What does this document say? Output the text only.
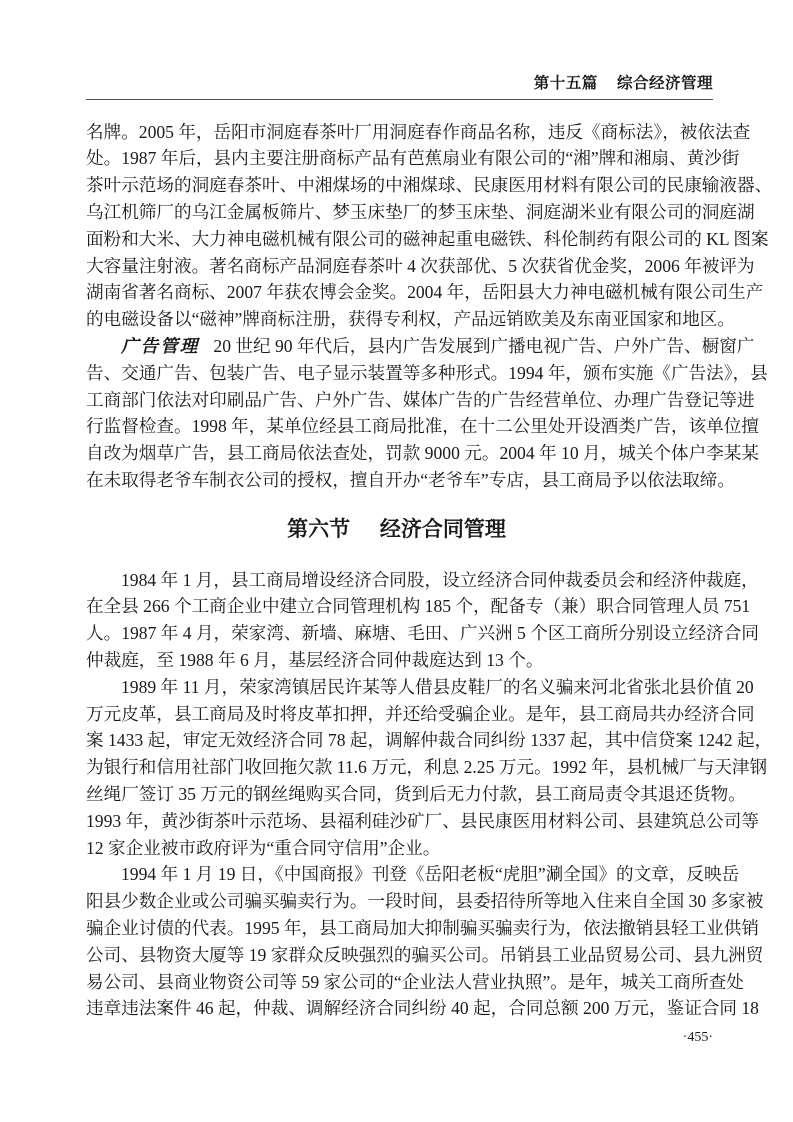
第十五篇 综合经济管理
名牌。2005 年，岳阳市洞庭春茶叶厂用洞庭春作商品名称，违反《商标法》，被依法查
处。1987 年后，县内主要注册商标产品有芭蕉扇业有限公司的“湘”牌和湘扇、黄沙街
茶叶示范场的洞庭春茶叶、中湘煤场的中湘煤球、民康医用材料有限公司的民康输液器、
乌江机筛厂的乌江金属板筛片、梦玉床垫厂的梦玉床垫、洞庭湖米业有限公司的洞庭湖
面粉和大米、大力神电磁机械有限公司的磁神起重电磁铁、科伦制药有限公司的 KL 图案
大容量注射液。著名商标产品洞庭春茶叶 4 次获部优、5 次获省优金奖，2006 年被评为
湖南省著名商标、2007 年获农博会金奖。2004 年，岳阳县大力神电磁机械有限公司生产
的电磁设备以“磁神”牌商标注册，获得专利权，产品远销欧美及东南亚国家和地区。
广告管理 20 世纪 90 年代后，县内广告发展到广播电视广告、户外广告、橱窗广
告、交通广告、包装广告、电子显示装置等多种形式。1994 年，颁布实施《广告法》，县
工商部门依法对印刷品广告、户外广告、媒体广告的广告经营单位、办理广告登记等进
行监督检查。1998 年，某单位经县工商局批准，在十二公里处开设酒类广告，该单位擅
自改为烟草广告，县工商局依法查处，罚款 9000 元。2004 年 10 月，城关个体户李某某
在未取得老爷车制衣公司的授权，擅自开办“老爷车”专店，县工商局予以依法取缔。
第六节 经济合同管理
1984 年 1 月，县工商局增设经济合同股，设立经济合同仲裁委员会和经济仲裁庭，
在全县 266 个工商企业中建立合同管理机构 185 个，配备专（兼）职合同管理人员 751
人。1987 年 4 月，荣家湾、新墙、麻塘、毛田、广兴洲 5 个区工商所分别设立经济合同
仲裁庭，至 1988 年 6 月，基层经济合同仲裁庭达到 13 个。
1989 年 11 月，荣家湾镇居民许某等人借县皮鞋厂的名义骗来河北省张北县价值 20
万元皮革，县工商局及时将皮革扣押，并还给受骗企业。是年，县工商局共办经济合同
案 1433 起，审定无效经济合同 78 起，调解仲裁合同纠纷 1337 起，其中信贷案 1242 起，
为银行和信用社部门收回拖欠款 11.6 万元，利息 2.25 万元。1992 年，县机械厂与天津钢
丝绳厂签订 35 万元的钢丝绳购买合同，货到后无力付款，县工商局责令其退还货物。
1993 年，黄沙街茶叶示范场、县福利硅沙矿厂、县民康医用材料公司、县建筑总公司等
12 家企业被市政府评为“重合同守信用”企业。
1994 年 1 月 19 日，《中国商报》刊登《岳阳老板“虎胆”涮全国》的文章，反映岳
阳县少数企业或公司骗买骗卖行为。一段时间，县委招待所等地入住来自全国 30 多家被
骗企业讨债的代表。1995 年，县工商局加大抑制骗买骗卖行为，依法撤销县轻工业供销
公司、县物资大厦等 19 家群众反映强烈的骗买公司。吊销县工业品贸易公司、县九洲贸
易公司、县商业物资公司等 59 家公司的“企业法人营业执照”。是年，城关工商所查处
违章违法案件 46 起，仲裁、调解经济合同纠纷 40 起，合同总额 200 万元，鉴证合同 18
·455·
